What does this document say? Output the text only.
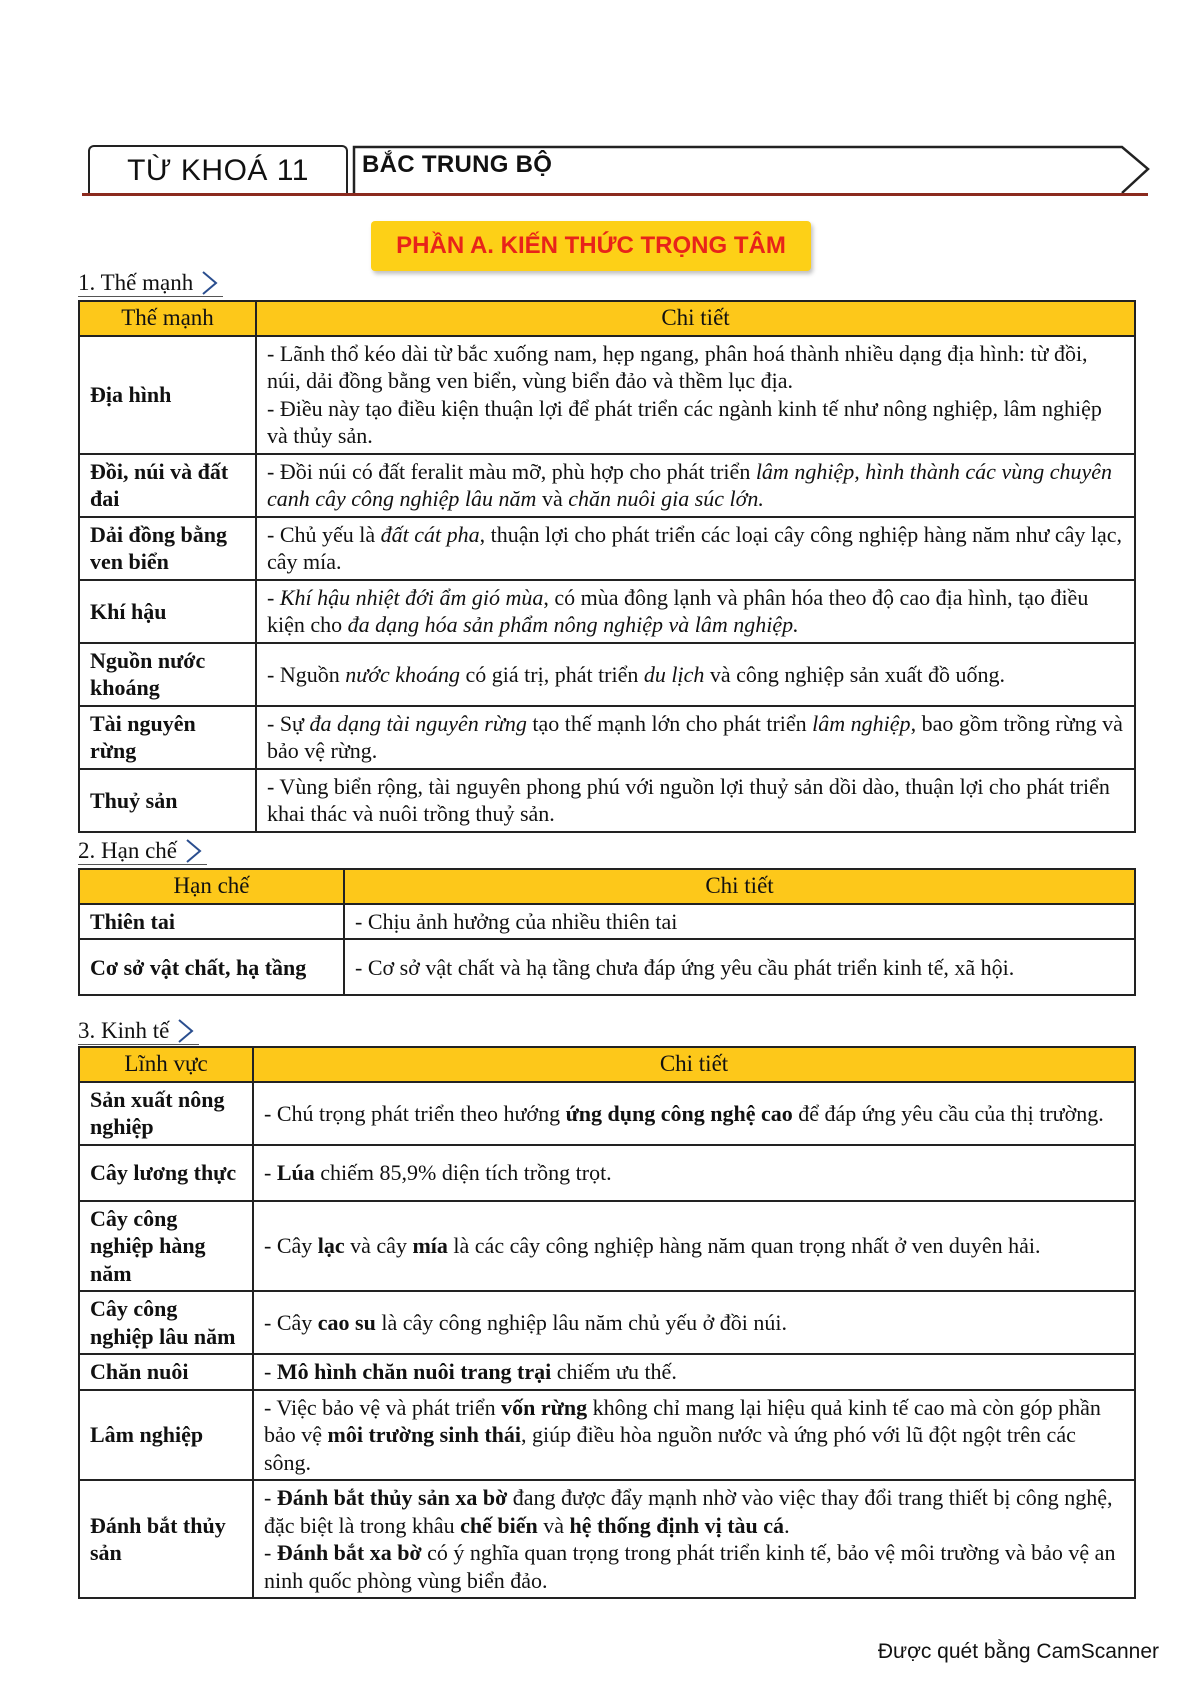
TỪ KHOÁ 11 BẮC TRUNG BỘ
PHẦN A. KIẾN THỨC TRỌNG TÂM
1. Thế mạnh
Thế mạnh	Chi tiết
Địa hình	- Lãnh thổ kéo dài từ bắc xuống nam, hẹp ngang, phân hoá thành nhiều dạng địa hình: từ đồi, núi, dải đồng bằng ven biển, vùng biển đảo và thềm lục địa.
- Điều này tạo điều kiện thuận lợi để phát triển các ngành kinh tế như nông nghiệp, lâm nghiệp và thủy sản.
Đồi, núi và đất đai	- Đồi núi có đất feralit màu mỡ, phù hợp cho phát triển lâm nghiệp, hình thành các vùng chuyên canh cây công nghiệp lâu năm và chăn nuôi gia súc lớn.
Dải đồng bằng ven biển	- Chủ yếu là đất cát pha, thuận lợi cho phát triển các loại cây công nghiệp hàng năm như cây lạc, cây mía.
Khí hậu	- Khí hậu nhiệt đới ẩm gió mùa, có mùa đông lạnh và phân hóa theo độ cao địa hình, tạo điều kiện cho đa dạng hóa sản phẩm nông nghiệp và lâm nghiệp.
Nguồn nước khoáng	- Nguồn nước khoáng có giá trị, phát triển du lịch và công nghiệp sản xuất đồ uống.
Tài nguyên rừng	- Sự đa dạng tài nguyên rừng tạo thế mạnh lớn cho phát triển lâm nghiệp, bao gồm trồng rừng và bảo vệ rừng.
Thuỷ sản	- Vùng biển rộng, tài nguyên phong phú với nguồn lợi thuỷ sản dồi dào, thuận lợi cho phát triển khai thác và nuôi trồng thuỷ sản.
2. Hạn chế
Hạn chế	Chi tiết
Thiên tai	- Chịu ảnh hưởng của nhiều thiên tai
Cơ sở vật chất, hạ tầng	- Cơ sở vật chất và hạ tầng chưa đáp ứng yêu cầu phát triển kinh tế, xã hội.
3. Kinh tế
Lĩnh vực	Chi tiết
Sản xuất nông nghiệp	- Chú trọng phát triển theo hướng ứng dụng công nghệ cao để đáp ứng yêu cầu của thị trường.
Cây lương thực	- Lúa chiếm 85,9% diện tích trồng trọt.
Cây công nghiệp hàng năm	- Cây lạc và cây mía là các cây công nghiệp hàng năm quan trọng nhất ở ven duyên hải.
Cây công nghiệp lâu năm	- Cây cao su là cây công nghiệp lâu năm chủ yếu ở đồi núi.
Chăn nuôi	- Mô hình chăn nuôi trang trại chiếm ưu thế.
Lâm nghiệp	- Việc bảo vệ và phát triển vốn rừng không chỉ mang lại hiệu quả kinh tế cao mà còn góp phần bảo vệ môi trường sinh thái, giúp điều hòa nguồn nước và ứng phó với lũ đột ngột trên các sông.
Đánh bắt thủy sản	- Đánh bắt thủy sản xa bờ đang được đẩy mạnh nhờ vào việc thay đổi trang thiết bị công nghệ, đặc biệt là trong khâu chế biến và hệ thống định vị tàu cá.
- Đánh bắt xa bờ có ý nghĩa quan trọng trong phát triển kinh tế, bảo vệ môi trường và bảo vệ an ninh quốc phòng vùng biển đảo.
Được quét bằng CamScanner
